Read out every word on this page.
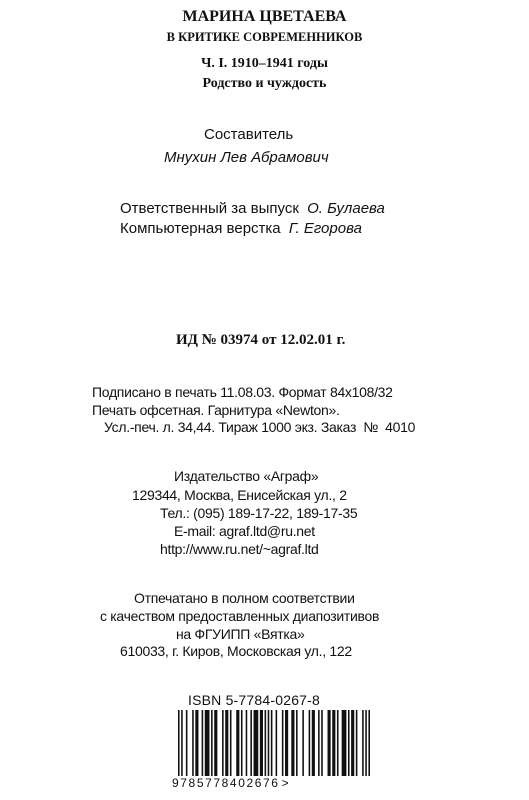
МАРИНА ЦВЕТАЕВА
В КРИТИКЕ СОВРЕМЕННИКОВ
Ч. I. 1910–1941 годы
Родство и чуждость
Составитель
Мнухин Лев Абрамович
Ответственный за выпуск О. Булаева
Компьютерная верстка Г. Егорова
ИД № 03974 от 12.02.01 г.
Подписано в печать 11.08.03. Формат 84х108/32
Печать офсетная. Гарнитура «Newton».
Усл.-печ. л. 34,44. Тираж 1000 экз. Заказ  №  4010
Издательство «Аграф»
129344, Москва, Енисейская ул., 2
Тел.: (095) 189-17-22, 189-17-35
E-mail: agraf.ltd@ru.net
http://www.ru.net/~agraf.ltd
Отпечатано в полном соответствии
с качеством предоставленных диапозитивов
на ФГУИПП «Вятка»
610033, г. Киров, Московская ул., 122
ISBN 5-7784-0267-8
9785778402676 >
